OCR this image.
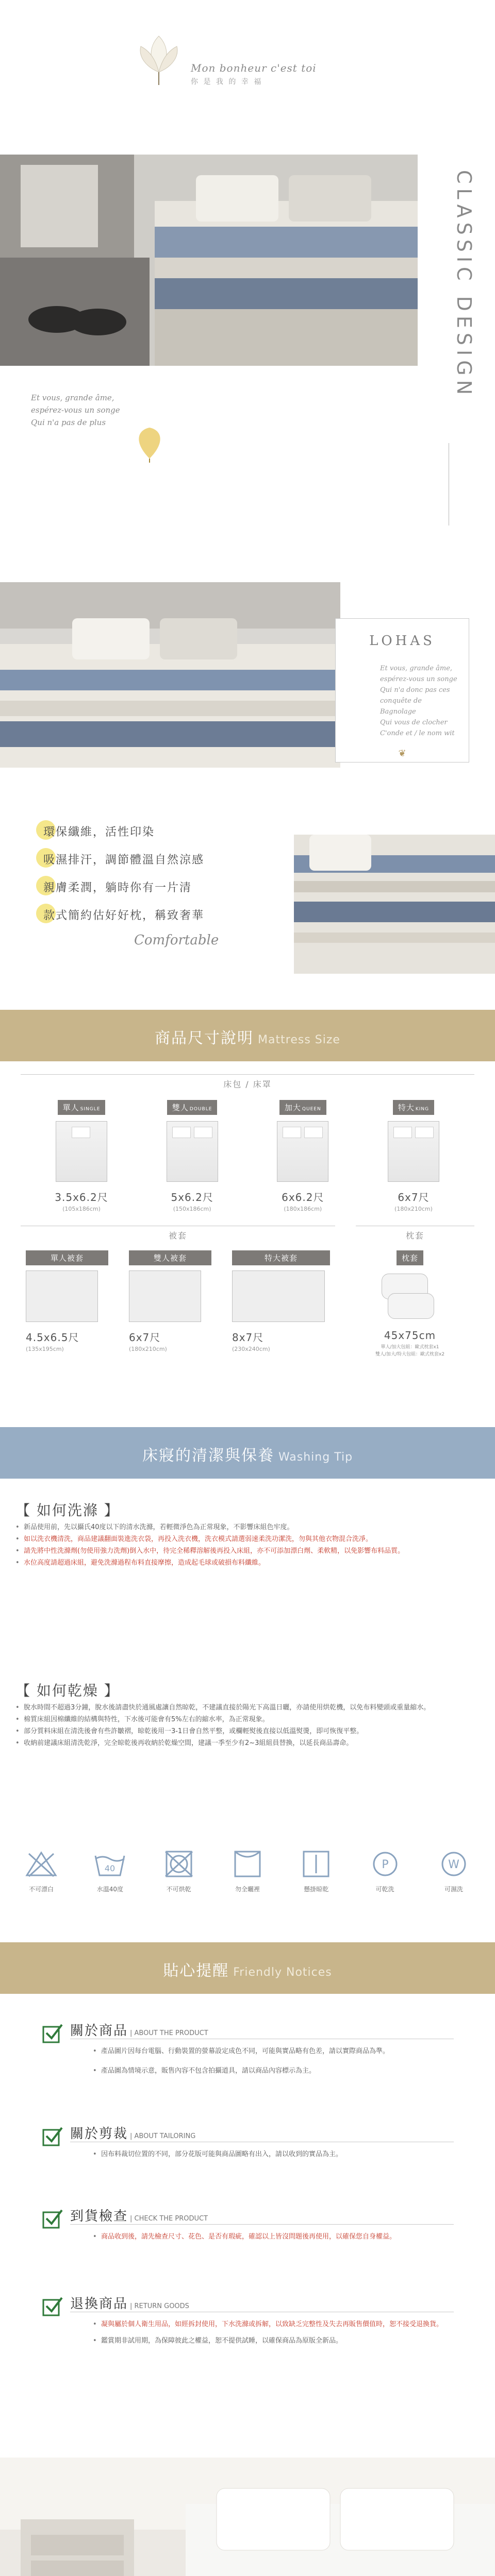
Mon bonheur c'est toi
你 是 我 的 幸 福
CLASSIC DESIGN
Et vous, grande âme,
espérez-vous un songe
Qui n'a pas de plus
LOHAS
Et vous, grande âme,
espérez-vous un songe
Qui n'a donc pas ces
conquête de Bagnolage
Qui vous de clocher
C'onde et / le nom wit
❦
環保纖維，活性印染
吸濕排汗，調節體溫自然涼感
親膚柔潤，躺時你有一片清
款式簡約估好好枕，稱致奢華
Comfortable
商品尺寸說明 Mattress Size
床包 / 床罩
單人 SINGLE
3.5x6.2尺
(105x186cm)
雙人 DOUBLE
5x6.2尺
(150x186cm)
加大 QUEEN
6x6.2尺
(180x186cm)
特大 KING
6x7尺
(180x210cm)
被套	枕套
單人被套
4.5x6.5尺
(135x195cm)
雙人被套
6x7尺
(180x210cm)
特大被套
8x7尺
(230x240cm)
枕套
45x75cm
單人/加大包組：歐式枕套x1
雙人/加大/特大包組：歐式枕套x2
床寢的清潔與保養 Washing Tip
【 如何洗滌 】
• 新品使用前，先以攝氏40度以下的清水洗滌，若輕微淨色為正常現象，不影響床組色牢度。
• 如以洗衣機清洗，商品建議翻面裝進洗衣袋，再投入洗衣機，洗衣模式請選弱速柔洗功潔洗，勿與其他衣物混合洗凈。
• 請先將中性洗滌劑(勿使用強力洗劑)倒入水中，待完全稀釋溶解後再投入床組，亦不可添加漂白劑、柔軟精，以免影響布料品質。
• 水位高度請超過床組，避免洗滌過程布料直接摩擦，造成起毛球或破損布料纖維。
【 如何乾燥 】
• 脫水時間不超過3分鐘，脫水後請盡快於通風處讓自然晾乾，不建議直接於陽光下高溫日曬，亦請使用烘乾機，以免布料變頭或重量縮水。
• 棉質床組因棉纖維的結構與特性，下水後可能會有5%左右的縮水率，為正常現象。
• 部分質料床組在清洗後會有些許皺褶，晾乾後用一3-1日會自然平整，或欄輕熨後直接以低溫熨燙，即可恢復平整。
• 收納前建議床組清洗乾淨，完全晾乾後再收納於乾燥空間，建議一季至少有2~3組組員替換，以延長商品壽命。
不可漂白
40
水溫40度	不可烘乾	勿全曬裡	懸掛晾乾
P
可乾洗
W
可濕洗
貼心提醒 Friendly Notices
關於商品 | ABOUT THE PRODUCT
• 產品圖片因每台電腦、行動裝置的螢幕設定成色不同，可能與實品略有色差，請以實際商品為準。
• 產品圖為情境示意，販售內容不包含拍攝道具，請以商品內容標示為主。
關於剪裁 | ABOUT TAILORING
• 因布料裁切位置的不同，部分花版可能與商品圖略有出入，請以收到的實品為主。
到貨檢查 | CHECK THE PRODUCT
• 商品收到後，請先檢查尺寸、花色、是否有瑕疵，確認以上皆沒問題後再使用，以確保您自身權益。
退換商品 | RETURN GOODS
• 凝與屬於個人衛生用品，如經拆封使用，下水洗滌或拆解，以致缺乏完整性及失去再販售價值時，恕不接受退換貨。
• 鑑賞期非試用期，為保障彼此之權益，恕不提供試睡，以確保商品為原版全新品。
